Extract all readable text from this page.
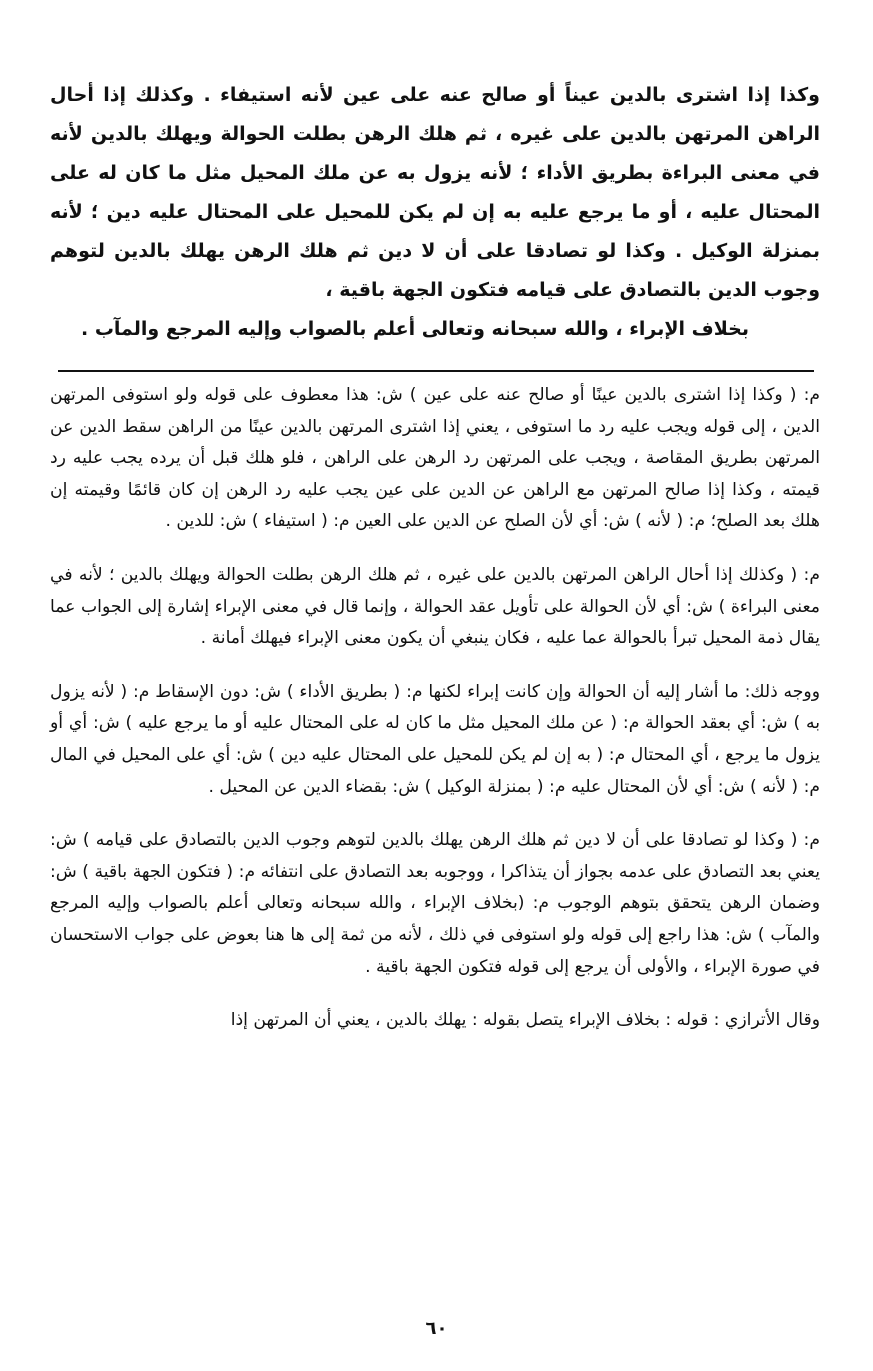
وكذا إذا اشترى بالدين عيناً أو صالح عنه على عين لأنه استيفاء . وكذلك إذا أحال الراهن المرتهن بالدين على غيره ، ثم هلك الرهن بطلت الحوالة ويهلك بالدين لأنه في معنى البراءة بطريق الأداء ؛ لأنه يزول به عن ملك المحيل مثل ما كان له على المحتال عليه ، أو ما يرجع عليه به إن لم يكن للمحيل على المحتال عليه دين ؛ لأنه بمنزلة الوكيل . وكذا لو تصادقا على أن لا دين ثم هلك الرهن يهلك بالدين لتوهم وجوب الدين بالتصادق على قيامه فتكون الجهة باقية ،
بخلاف الإبراء ، والله سبحانه وتعالى أعلم بالصواب وإليه المرجع والمآب .

م: ( وكذا إذا اشترى بالدين عينًا أو صالح عنه على عين ) ش: هذا معطوف على قوله ولو استوفى المرتهن الدين ، إلى قوله ويجب عليه رد ما استوفى ، يعني إذا اشترى المرتهن بالدين عينًا من الراهن سقط الدين عن المرتهن بطريق المقاصة ، ويجب على المرتهن رد الرهن على الراهن ، فلو هلك قبل أن يرده يجب عليه رد قيمته ، وكذا إذا صالح المرتهن مع الراهن عن الدين على عين يجب عليه رد الرهن إن كان قائمًا وقيمته إن هلك بعد الصلح؛ م: ( لأنه ) ش: أي لأن الصلح عن الدين على العين م: ( استيفاء ) ش: للدين .

م: ( وكذلك إذا أحال الراهن المرتهن بالدين على غيره ، ثم هلك الرهن بطلت الحوالة ويهلك بالدين ؛ لأنه في معنى البراءة ) ش: أي لأن الحوالة على تأويل عقد الحوالة ، وإنما قال في معنى الإبراء إشارة إلى الجواب عما يقال ذمة المحيل تبرأ بالحوالة عما عليه ، فكان ينبغي أن يكون معنى الإبراء فيهلك أمانة .

ووجه ذلك: ما أشار إليه أن الحوالة وإن كانت إبراء لكنها م: ( بطريق الأداء ) ش: دون الإسقاط م: ( لأنه يزول به ) ش: أي بعقد الحوالة م: ( عن ملك المحيل مثل ما كان له على المحتال عليه أو ما يرجع عليه ) ش: أي أو يزول ما يرجع ، أي المحتال م: ( به إن لم يكن للمحيل على المحتال عليه دين ) ش: أي على المحيل في المال م: ( لأنه ) ش: أي لأن المحتال عليه م: ( بمنزلة الوكيل ) ش: بقضاء الدين عن المحيل .

م: ( وكذا لو تصادقا على أن لا دين ثم هلك الرهن يهلك بالدين لتوهم وجوب الدين بالتصادق على قيامه ) ش: يعني بعد التصادق على عدمه بجواز أن يتذاكرا ، ووجوبه بعد التصادق على انتفائه م: ( فتكون الجهة باقية ) ش: وضمان الرهن يتحقق بتوهم الوجوب م: (بخلاف الإبراء ، والله سبحانه وتعالى أعلم بالصواب وإليه المرجع والمآب ) ش: هذا راجع إلى قوله ولو استوفى في ذلك ، لأنه من ثمة إلى ها هنا بعوض على جواب الاستحسان في صورة الإبراء ، والأولى أن يرجع إلى قوله فتكون الجهة باقية .

وقال الأترازي : قوله : بخلاف الإبراء يتصل بقوله : يهلك بالدين ، يعني أن المرتهن إذا

٦٠
